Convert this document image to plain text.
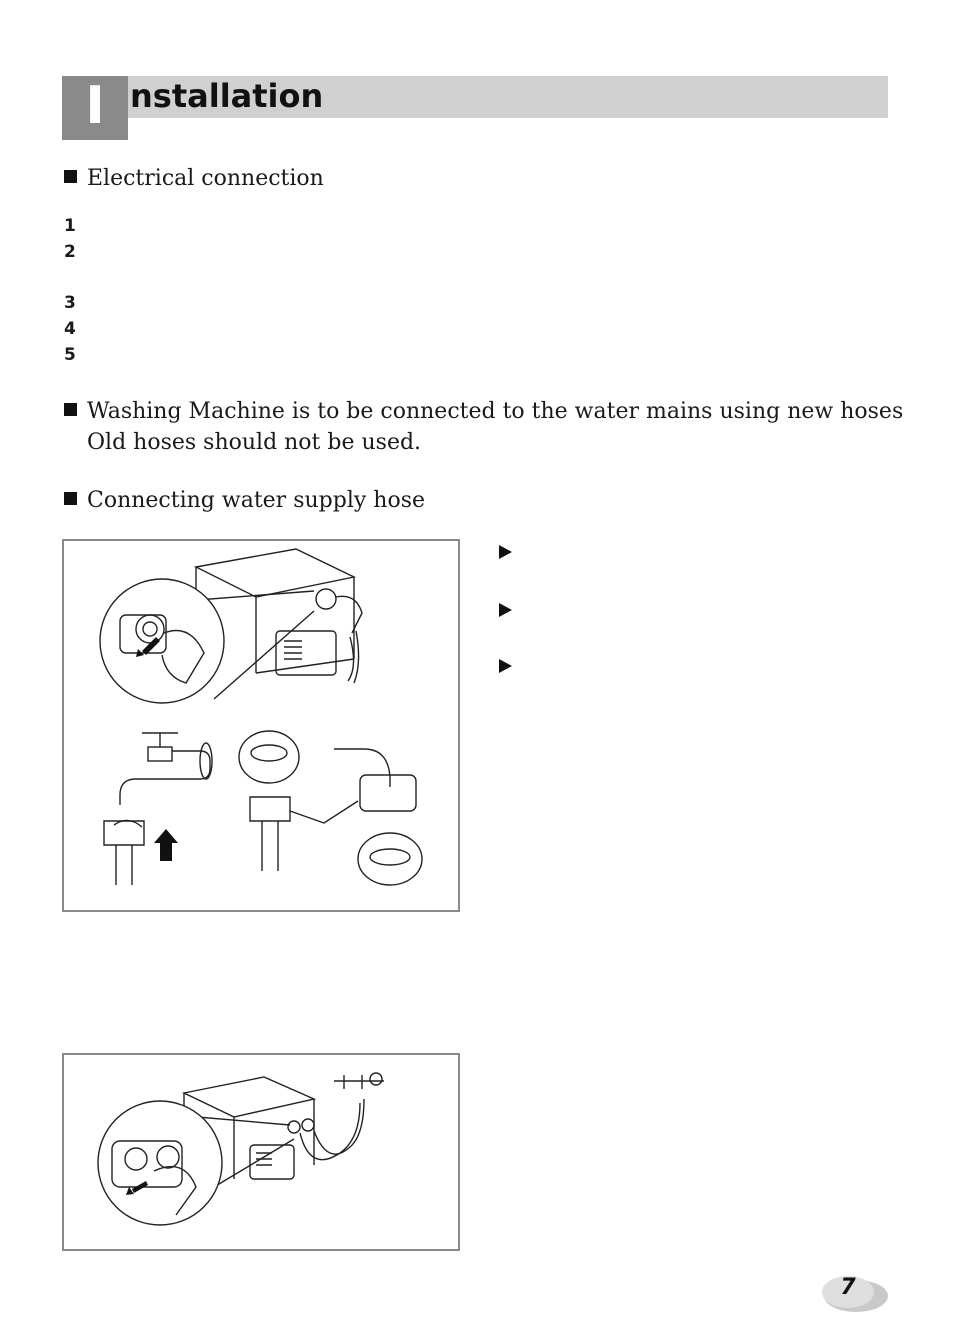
I nstallation
Electrical connection
1
2
3
4
5
Washing Machine is to be connected to the water mains using new hoses
Old hoses should not be used.
Connecting water supply hose
7
